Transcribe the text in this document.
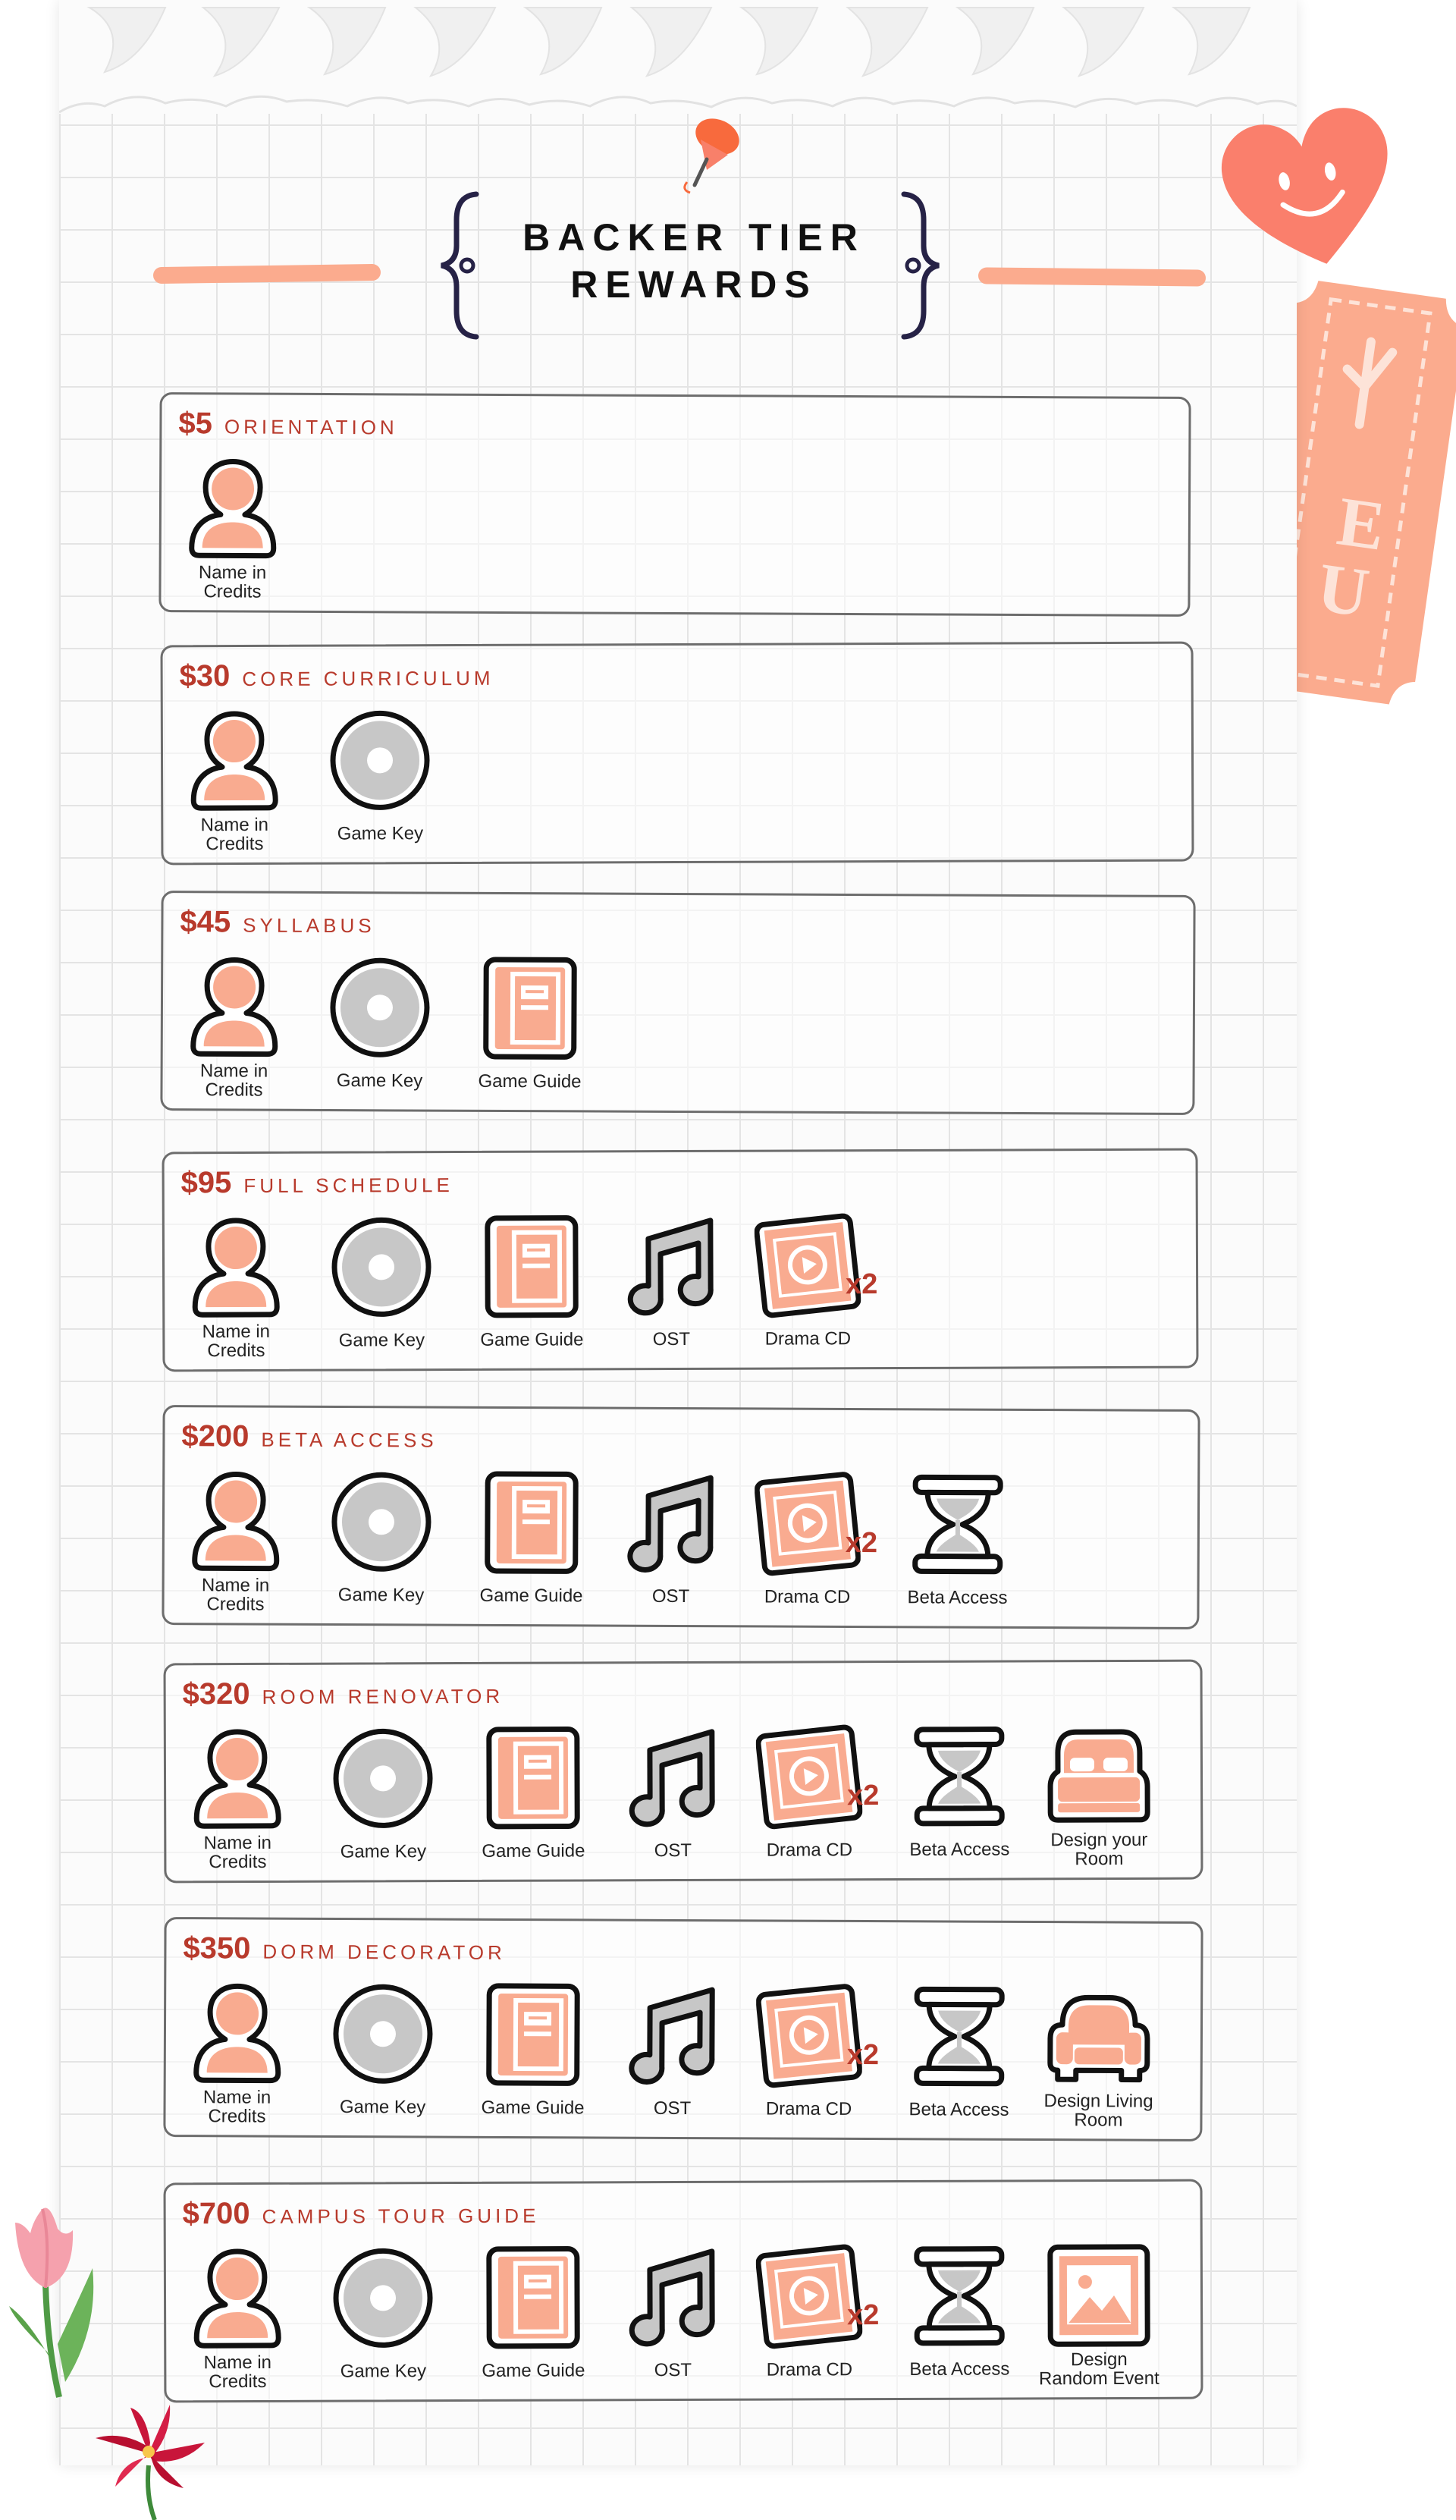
E
U
BACKER TIER
REWARDS
$5 ORIENTATION
Name in
Credits
$30 CORE CURRICULUM
Name in
Credits	Game Key
$45 SYLLABUS
Name in
Credits	Game Key	Game Guide
$95 FULL SCHEDULE
Name in
Credits	Game Key	Game Guide	OST
x2
Drama CD
$200 BETA ACCESS
Name in
Credits	Game Key	Game Guide	OST
x2
Drama CD	Beta Access
$320 ROOM RENOVATOR
Name in
Credits	Game Key	Game Guide	OST
x2
Drama CD	Beta Access	Design your
Room
$350 DORM DECORATOR
Name in
Credits	Game Key	Game Guide	OST
x2
Drama CD	Beta Access	Design Living
Room
$700 CAMPUS TOUR GUIDE
Name in
Credits	Game Key	Game Guide	OST
x2
Drama CD	Beta Access	Design
Random Event
